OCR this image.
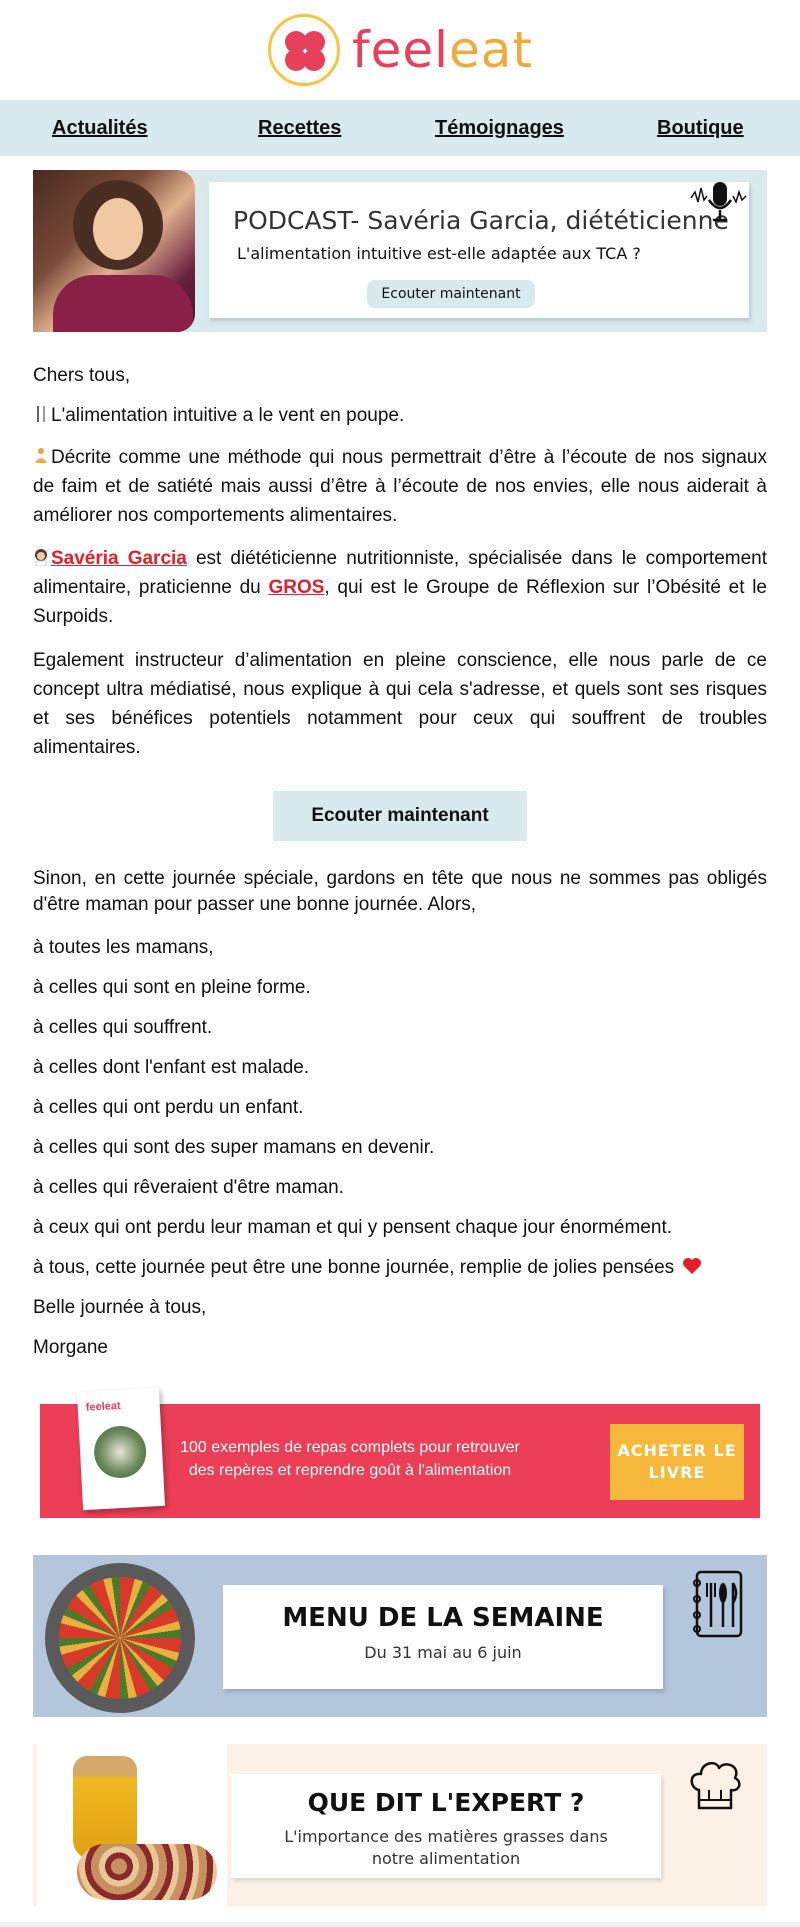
feeleat
Actualités	Recettes	Témoignages	Boutique
PODCAST- Savéria Garcia, diététicienne
L'alimentation intuitive est-elle adaptée aux TCA ?
Ecouter maintenant
Chers tous,
L'alimentation intuitive a le vent en poupe.
Décrite comme une méthode qui nous permettrait d’être à l’écoute de nos signaux de faim et de satiété mais aussi d’être à l’écoute de nos envies, elle nous aiderait à améliorer nos comportements alimentaires.
Savéria Garcia est diététicienne nutritionniste, spécialisée dans le comportement alimentaire, praticienne du GROS, qui est le Groupe de Réflexion sur l’Obésité et le Surpoids.
Egalement instructeur d’alimentation en pleine conscience, elle nous parle de ce concept ultra médiatisé, nous explique à qui cela s'adresse, et quels sont ses risques et ses bénéfices potentiels notamment pour ceux qui souffrent de troubles alimentaires.
Ecouter maintenant
Sinon, en cette journée spéciale, gardons en tête que nous ne sommes pas obligés d'être maman pour passer une bonne journée. Alors,
à toutes les mamans,
à celles qui sont en pleine forme.
à celles qui souffrent.
à celles dont l'enfant est malade.
à celles qui ont perdu un enfant.
à celles qui sont des super mamans en devenir.
à celles qui rêveraient d'être maman.
à ceux qui ont perdu leur maman et qui y pensent chaque jour énormément.
à tous, cette journée peut être une bonne journée, remplie de jolies pensées
Belle journée à tous,
Morgane
feeleat
100 exemples de repas complets pour retrouver des repères et reprendre goût à l'alimentation
ACHETER LE LIVRE
MENU DE LA SEMAINE
Du 31 mai au 6 juin
QUE DIT L'EXPERT ?
L'importance des matières grasses dans notre alimentation
